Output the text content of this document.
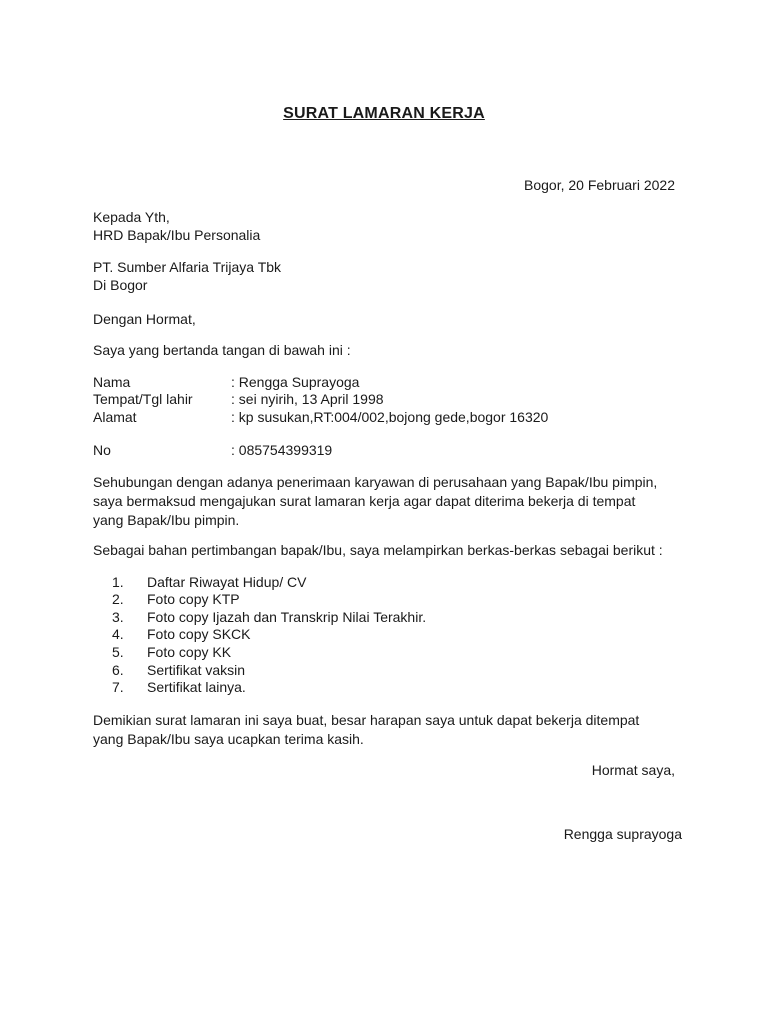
SURAT LAMARAN KERJA
Bogor, 20 Februari 2022
Kepada Yth,
HRD Bapak/Ibu Personalia
PT. Sumber Alfaria Trijaya Tbk
Di Bogor
Dengan Hormat,
Saya yang bertanda tangan di bawah ini :
Nama	: Rengga Suprayoga
Tempat/Tgl lahir	: sei nyirih, 13 April 1998
Alamat	: kp susukan,RT:004/002,bojong gede,bogor 16320
No	: 085754399319
Sehubungan dengan adanya penerimaan karyawan di perusahaan yang Bapak/Ibu pimpin,
saya bermaksud mengajukan surat lamaran kerja agar dapat diterima bekerja di tempat
yang Bapak/Ibu pimpin.
Sebagai bahan pertimbangan bapak/Ibu, saya melampirkan berkas-berkas sebagai berikut :
1. Daftar Riwayat Hidup/ CV
2. Foto copy KTP
3. Foto copy Ijazah dan Transkrip Nilai Terakhir.
4. Foto copy SKCK
5. Foto copy KK
6. Sertifikat vaksin
7. Sertifikat lainya.
Demikian surat lamaran ini saya buat, besar harapan saya untuk dapat bekerja ditempat
yang Bapak/Ibu saya ucapkan terima kasih.
Hormat saya,
Rengga suprayoga
